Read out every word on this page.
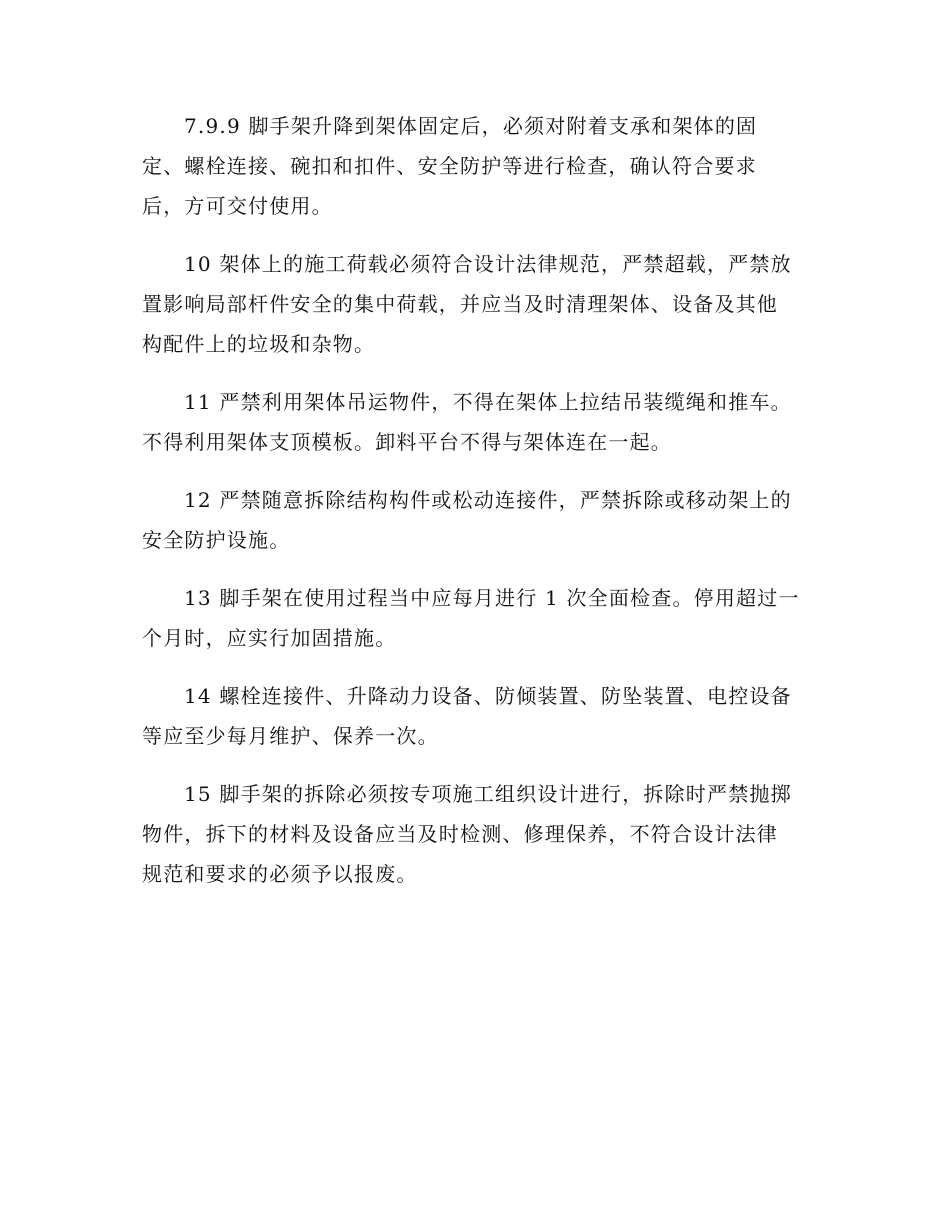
7.9.9 脚手架升降到架体固定后，必须对附着支承和架体的固
定、螺栓连接、碗扣和扣件、安全防护等进行检查，确认符合要求
后，方可交付使用。

10 架体上的施工荷载必须符合设计法律规范，严禁超载，严禁放
置影响局部杆件安全的集中荷载，并应当及时清理架体、设备及其他
构配件上的垃圾和杂物。

11 严禁利用架体吊运物件，不得在架体上拉结吊装缆绳和推车。
不得利用架体支顶模板。卸料平台不得与架体连在一起。

12 严禁随意拆除结构构件或松动连接件，严禁拆除或移动架上的
安全防护设施。

13 脚手架在使用过程当中应每月进行 1 次全面检查。停用超过一
个月时，应实行加固措施。

14 螺栓连接件、升降动力设备、防倾装置、防坠装置、电控设备
等应至少每月维护、保养一次。

15 脚手架的拆除必须按专项施工组织设计进行，拆除时严禁抛掷
物件，拆下的材料及设备应当及时检测、修理保养，不符合设计法律
规范和要求的必须予以报废。
